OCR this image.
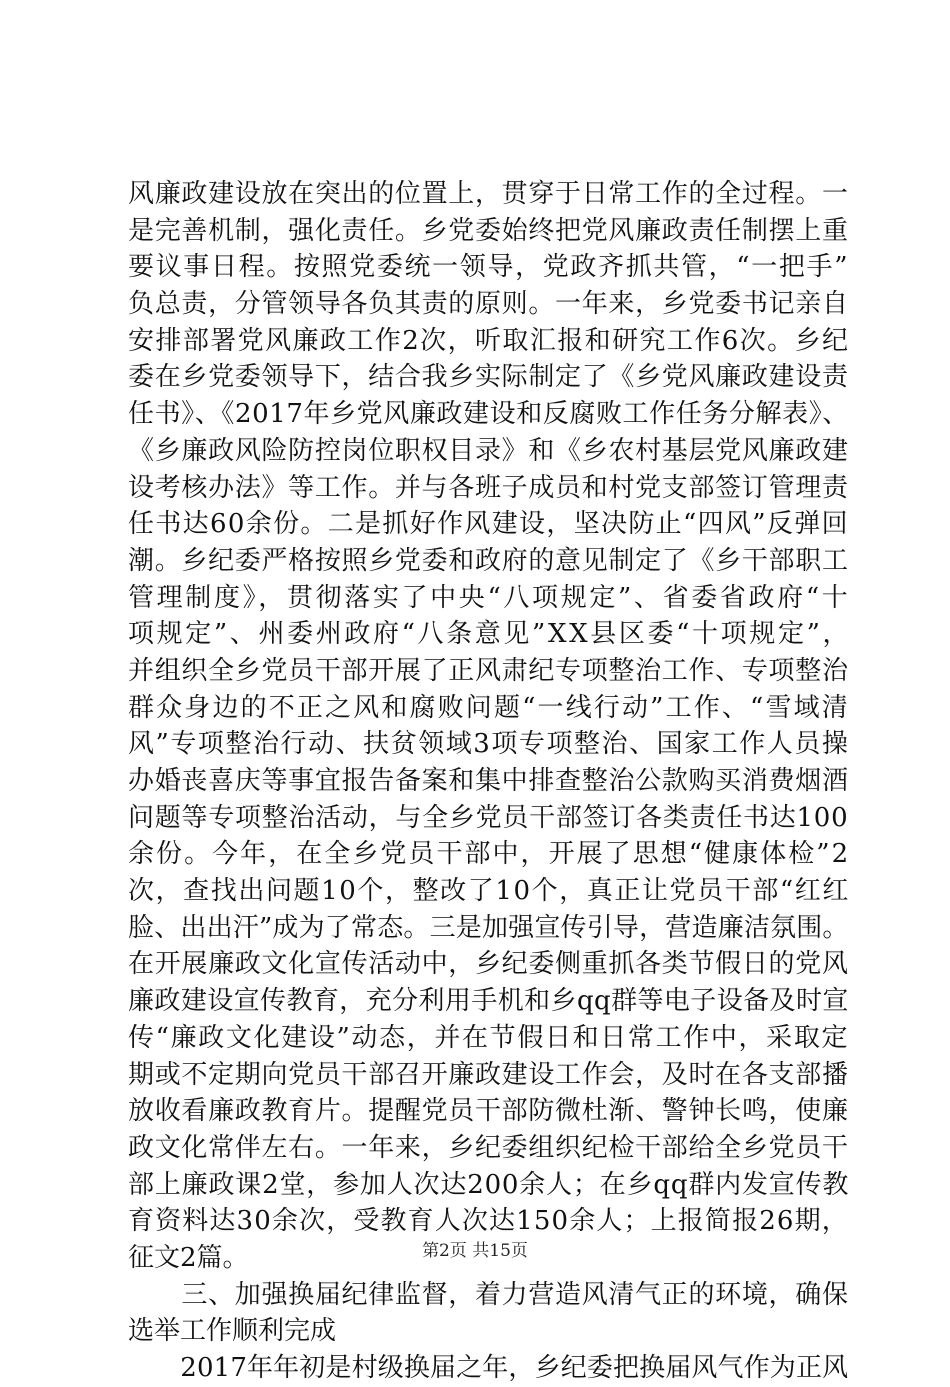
风廉政建设放在突出的位置上，贯穿于日常工作的全过程。一
是完善机制，强化责任。乡党委始终把党风廉政责任制摆上重
要议事日程。按照党委统一领导，党政齐抓共管，“一把手”
负总责，分管领导各负其责的原则。一年来，乡党委书记亲自
安排部署党风廉政工作2次，听取汇报和研究工作6次。乡纪
委在乡党委领导下，结合我乡实际制定了《乡党风廉政建设责
任书》、《2017年乡党风廉政建设和反腐败工作任务分解表》、
《乡廉政风险防控岗位职权目录》和《乡农村基层党风廉政建
设考核办法》等工作。并与各班子成员和村党支部签订管理责
任书达60余份。二是抓好作风建设，坚决防止“四风”反弹回
潮。乡纪委严格按照乡党委和政府的意见制定了《乡干部职工
管理制度》，贯彻落实了中央“八项规定”、省委省政府“十
项规定”、州委州政府“八条意见”XX县区委“十项规定”，
并组织全乡党员干部开展了正风肃纪专项整治工作、专项整治
群众身边的不正之风和腐败问题“一线行动”工作、“雪域清
风”专项整治行动、扶贫领域3项专项整治、国家工作人员操
办婚丧喜庆等事宜报告备案和集中排查整治公款购买消费烟酒
问题等专项整治活动，与全乡党员干部签订各类责任书达100
余份。今年，在全乡党员干部中，开展了思想“健康体检”2
次，查找出问题10个，整改了10个，真正让党员干部“红红
脸、出出汗”成为了常态。三是加强宣传引导，营造廉洁氛围。
在开展廉政文化宣传活动中，乡纪委侧重抓各类节假日的党风
廉政建设宣传教育，充分利用手机和乡qq群等电子设备及时宣
传“廉政文化建设”动态，并在节假日和日常工作中，采取定
期或不定期向党员干部召开廉政建设工作会，及时在各支部播
放收看廉政教育片。提醒党员干部防微杜渐、警钟长鸣，使廉
政文化常伴左右。一年来，乡纪委组织纪检干部给全乡党员干
部上廉政课2堂，参加人次达200余人；在乡qq群内发宣传教
育资料达30余次，受教育人次达150余人；上报简报26期，
征文2篇。
　　三、加强换届纪律监督，着力营造风清气正的环境，确保
选举工作顺利完成
　　2017年年初是村级换届之年，乡纪委把换届风气作为正风
第2页 共15页
